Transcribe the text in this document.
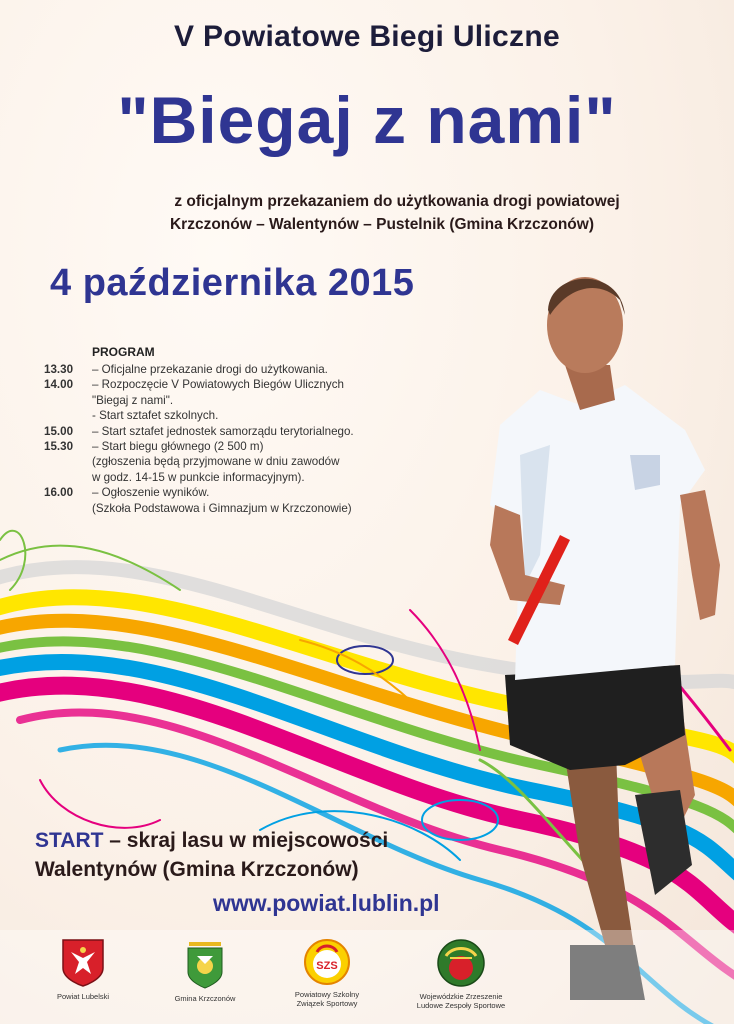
V Powiatowe Biegi Uliczne
"Biegaj z nami"
z oficjalnym przekazaniem do użytkowania drogi powiatowej
Krzczonów – Walentynów – Pustelnik (Gmina Krzczonów)
4 października 2015
PROGRAM
13.30	– Oficjalne przekazanie drogi do użytkowania.
14.00	– Rozpoczęcie V Powiatowych Biegów Ulicznych
"Biegaj z nami".
- Start sztafet szkolnych.
15.00	– Start sztafet jednostek samorządu terytorialnego.
15.30	– Start biegu głównego (2 500 m)
(zgłoszenia będą przyjmowane w dniu zawodów
w godz. 14-15 w punkcie informacyjnym).
16.00	– Ogłoszenie wyników.
(Szkoła Podstawowa i Gimnazjum w Krzczonowie)
START – skraj lasu w miejscowości
Walentynów (Gmina Krzczonów)
www.powiat.lublin.pl
Powiat Lubelski	Gmina Krzczonów
SZS
Powiatowy Szkolny
Związek Sportowy
Wojewódzkie Zrzeszenie
Ludowe Zespoły Sportowe
